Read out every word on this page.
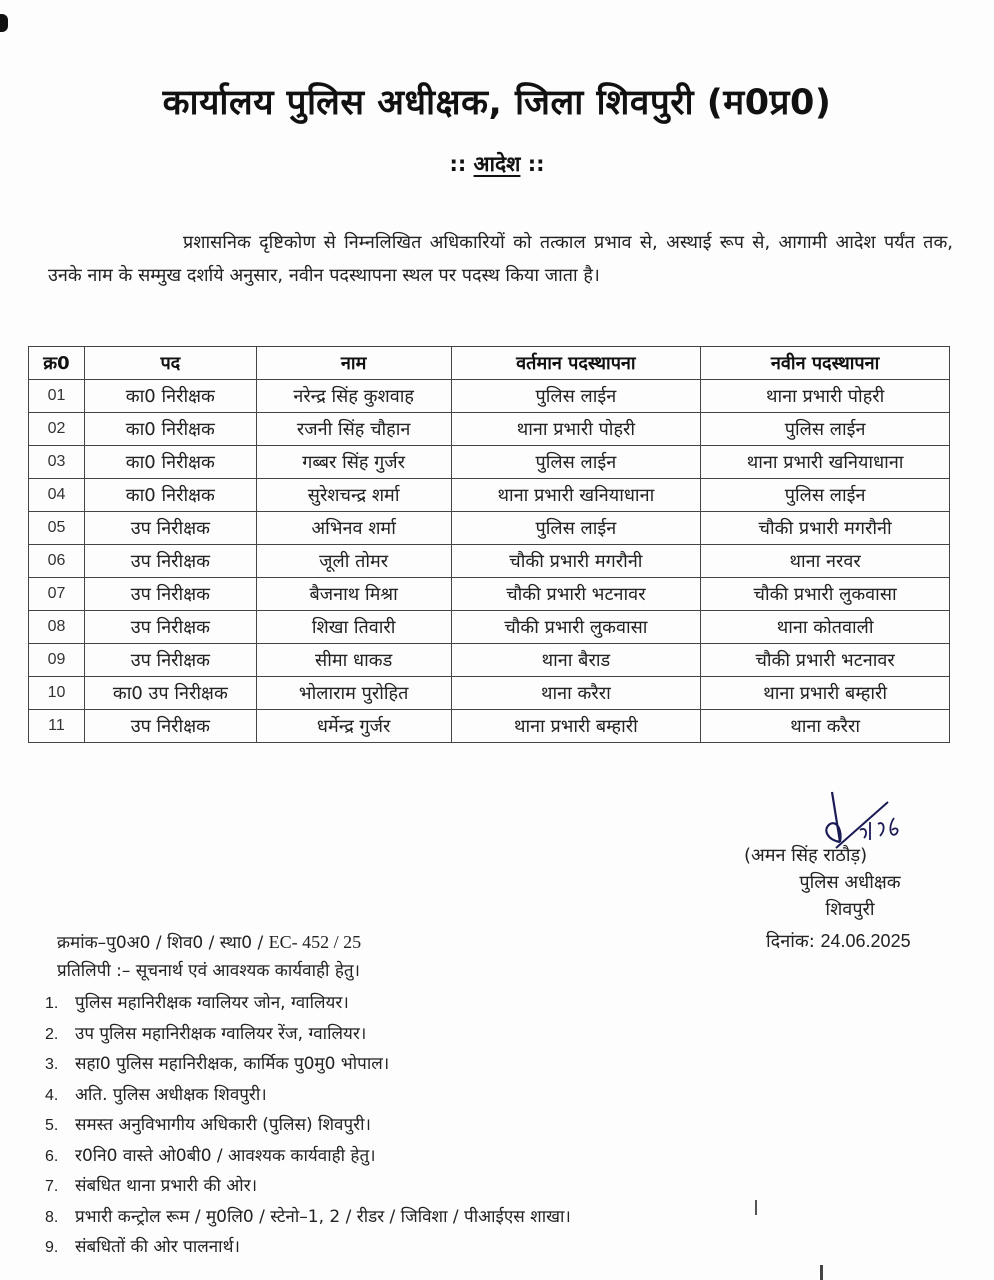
कार्यालय पुलिस अधीक्षक, जिला शिवपुरी (म0प्र0)
:: आदेश ::
प्रशासनिक दृष्टिकोण से निम्नलिखित अधिकारियों को तत्काल प्रभाव से, अस्थाई रूप से, आगामी आदेश पर्यंत तक, उनके नाम के सम्मुख दर्शाये अनुसार, नवीन पदस्थापना स्थल पर पदस्थ किया जाता है।
क्र0	पद	नाम	वर्तमान पदस्थापना	नवीन पदस्थापना
01	का0 निरीक्षक	नरेन्द्र सिंह कुशवाह	पुलिस लाईन	थाना प्रभारी पोहरी
02	का0 निरीक्षक	रजनी सिंह चौहान	थाना प्रभारी पोहरी	पुलिस लाईन
03	का0 निरीक्षक	गब्बर सिंह गुर्जर	पुलिस लाईन	थाना प्रभारी खनियाधाना
04	का0 निरीक्षक	सुरेशचन्द्र शर्मा	थाना प्रभारी खनियाधाना	पुलिस लाईन
05	उप निरीक्षक	अभिनव शर्मा	पुलिस लाईन	चौकी प्रभारी मगरौनी
06	उप निरीक्षक	जूली तोमर	चौकी प्रभारी मगरौनी	थाना नरवर
07	उप निरीक्षक	बैजनाथ मिश्रा	चौकी प्रभारी भटनावर	चौकी प्रभारी लुकवासा
08	उप निरीक्षक	शिखा तिवारी	चौकी प्रभारी लुकवासा	थाना कोतवाली
09	उप निरीक्षक	सीमा धाकड	थाना बैराड	चौकी प्रभारी भटनावर
10	का0 उप निरीक्षक	भोलाराम पुरोहित	थाना करैरा	थाना प्रभारी बम्हारी
11	उप निरीक्षक	धर्मेन्द्र गुर्जर	थाना प्रभारी बम्हारी	थाना करैरा
(अमन सिंह राठौड़)
पुलिस अधीक्षक
शिवपुरी
दिनांक: 24.06.2025
क्रमांक–पु0अ0 / शिव0 / स्था0 / EC- 452 / 25
प्रतिलिपी :– सूचनार्थ एवं आवश्यक कार्यवाही हेतु।
1. पुलिस महानिरीक्षक ग्वालियर जोन, ग्वालियर।
2. उप पुलिस महानिरीक्षक ग्वालियर रेंज, ग्वालियर।
3. सहा0 पुलिस महानिरीक्षक, कार्मिक पु0मु0 भोपाल।
4. अति. पुलिस अधीक्षक शिवपुरी।
5. समस्त अनुविभागीय अधिकारी (पुलिस) शिवपुरी।
6. र0नि0 वास्ते ओ0बी0 / आवश्यक कार्यवाही हेतु।
7. संबधित थाना प्रभारी की ओर।
8. प्रभारी कन्ट्रोल रूम / मु0लि0 / स्टेनो–1, 2 / रीडर / जिविशा / पीआईएस शाखा।
9. संबधितों की ओर पालनार्थ।
